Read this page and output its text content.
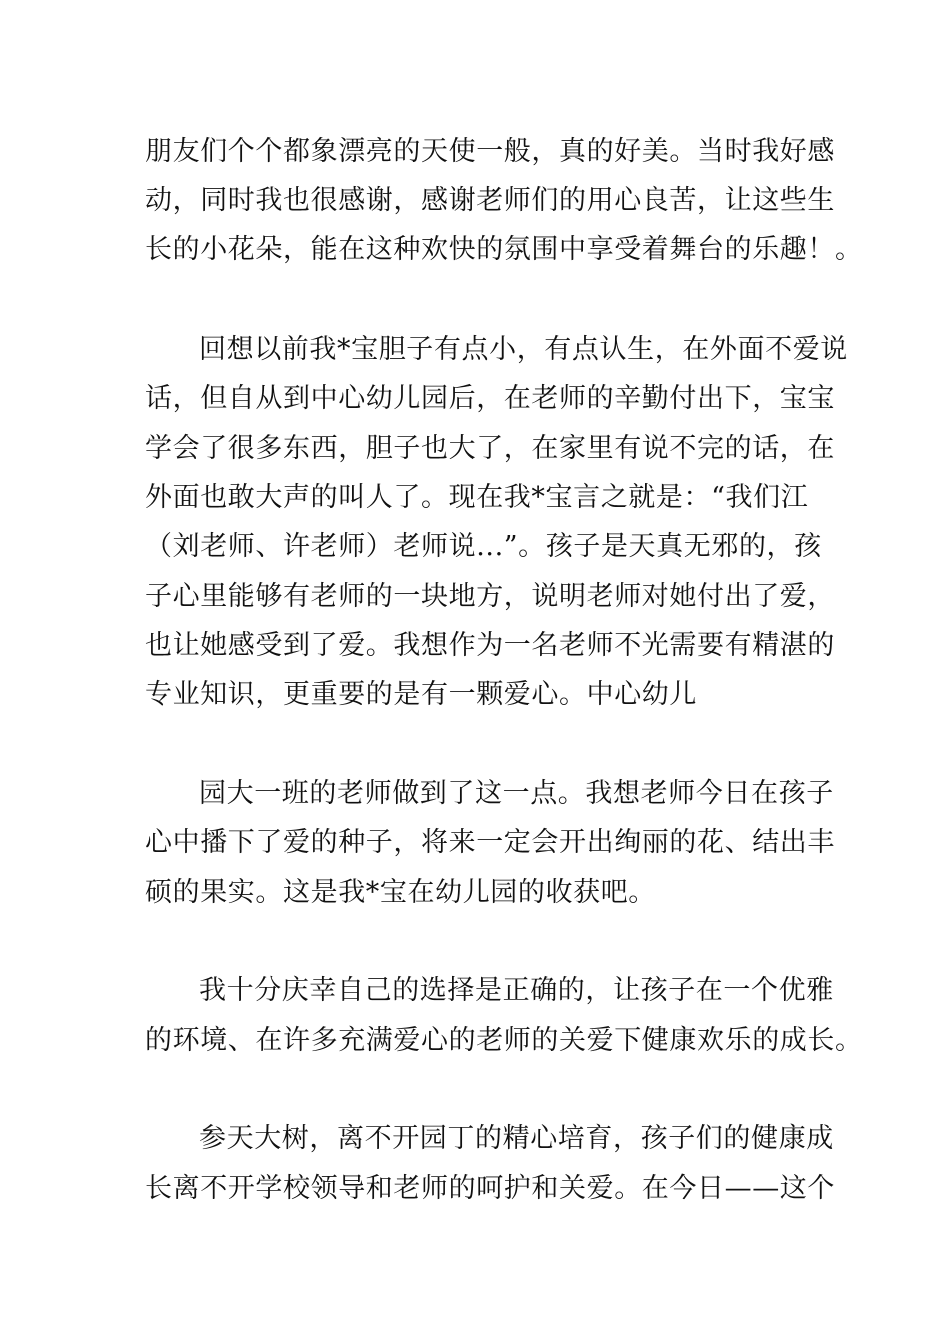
朋友们个个都象漂亮的天使一般，真的好美。当时我好感

动，同时我也很感谢，感谢老师们的用心良苦，让这些生

长的小花朵，能在这种欢快的氛围中享受着舞台的乐趣！。

回想以前我*宝胆子有点小，有点认生，在外面不爱说

话，但自从到中心幼儿园后，在老师的辛勤付出下，宝宝

学会了很多东西，胆子也大了，在家里有说不完的话，在

外面也敢大声的叫人了。现在我*宝言之就是：“我们江

（刘老师、许老师）老师说...”。孩子是天真无邪的，孩

子心里能够有老师的一块地方，说明老师对她付出了爱，

也让她感受到了爱。我想作为一名老师不光需要有精湛的

专业知识，更重要的是有一颗爱心。中心幼儿

园大一班的老师做到了这一点。我想老师今日在孩子

心中播下了爱的种子，将来一定会开出绚丽的花、结出丰

硕的果实。这是我*宝在幼儿园的收获吧。

我十分庆幸自己的选择是正确的，让孩子在一个优雅

的环境、在许多充满爱心的老师的关爱下健康欢乐的成长。

参天大树，离不开园丁的精心培育，孩子们的健康成

长离不开学校领导和老师的呵护和关爱。在今日——这个
